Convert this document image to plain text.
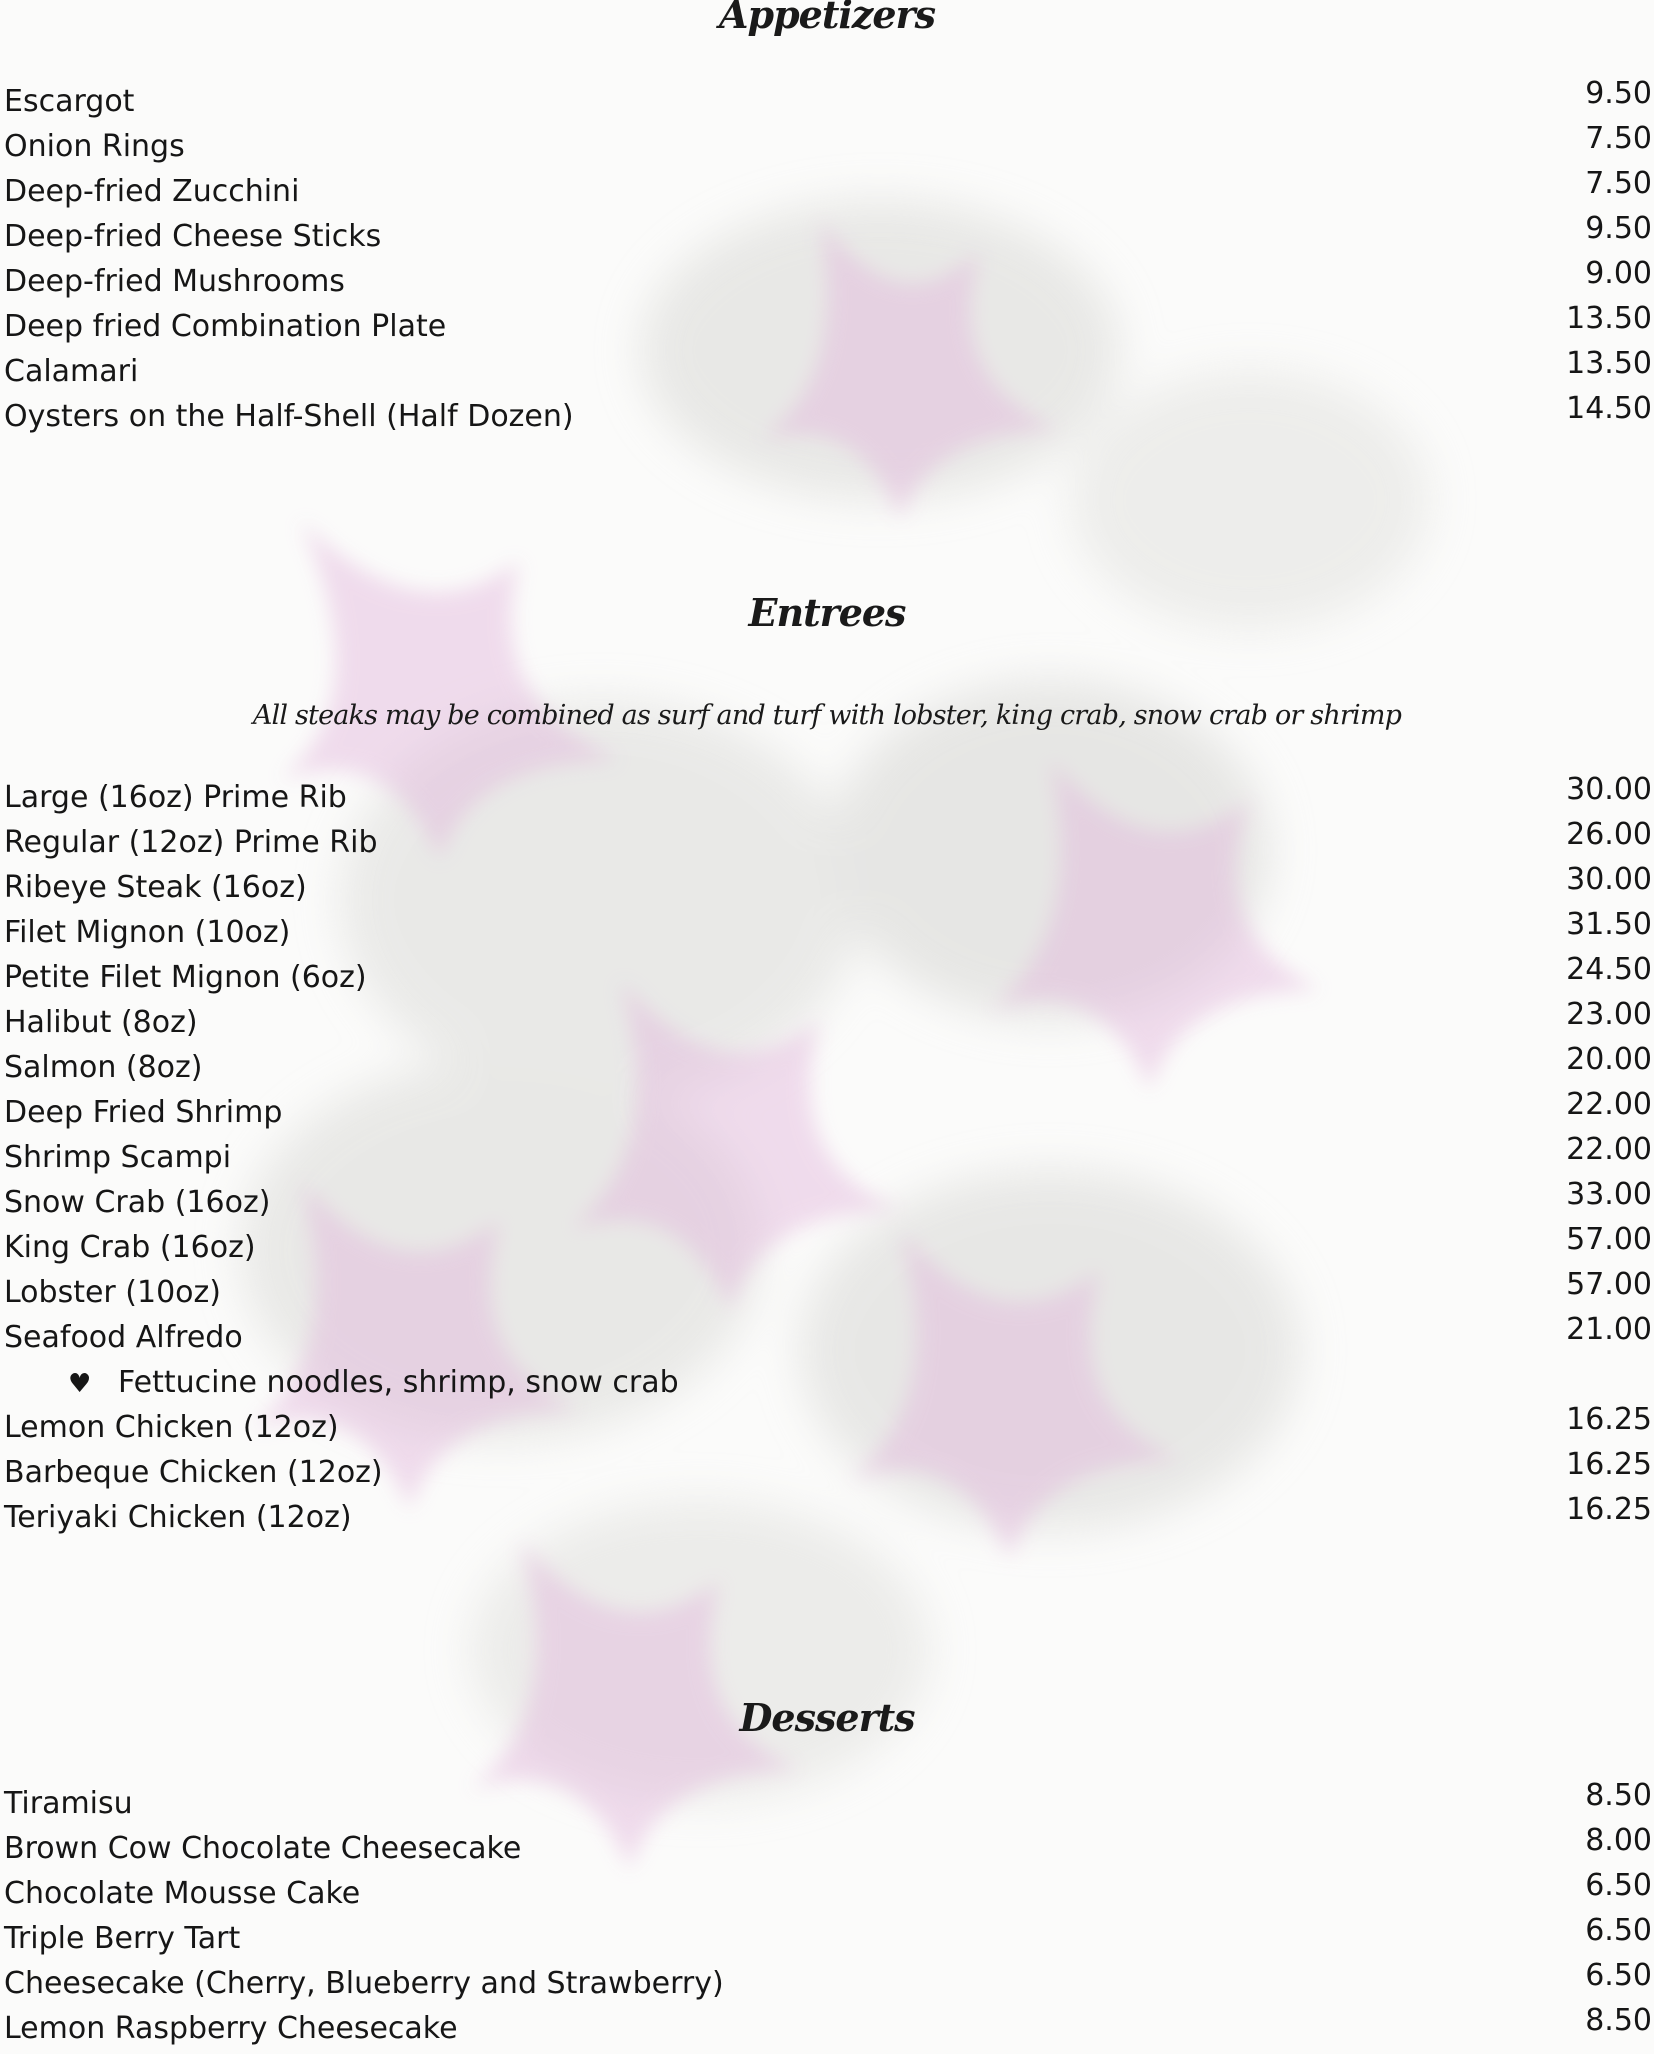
Appetizers
Escargot	9.50
Onion Rings	7.50
Deep-fried Zucchini	7.50
Deep-fried Cheese Sticks	9.50
Deep-fried Mushrooms	9.00
Deep fried Combination Plate	13.50
Calamari	13.50
Oysters on the Half-Shell (Half Dozen)	14.50
Entrees
All steaks may be combined as surf and turf with lobster, king crab, snow crab or shrimp
Large (16oz) Prime Rib	30.00
Regular (12oz) Prime Rib	26.00
Ribeye Steak (16oz)	30.00
Filet Mignon (10oz)	31.50
Petite Filet Mignon (6oz)	24.50
Halibut (8oz)	23.00
Salmon (8oz)	20.00
Deep Fried Shrimp	22.00
Shrimp Scampi	22.00
Snow Crab (16oz)	33.00
King Crab (16oz)	57.00
Lobster (10oz)	57.00
Seafood Alfredo	21.00
♥ Fettucine noodles, shrimp, snow crab
Lemon Chicken (12oz)	16.25
Barbeque Chicken (12oz)	16.25
Teriyaki Chicken (12oz)	16.25
Desserts
Tiramisu	8.50
Brown Cow Chocolate Cheesecake	8.00
Chocolate Mousse Cake	6.50
Triple Berry Tart	6.50
Cheesecake (Cherry, Blueberry and Strawberry)	6.50
Lemon Raspberry Cheesecake	8.50
